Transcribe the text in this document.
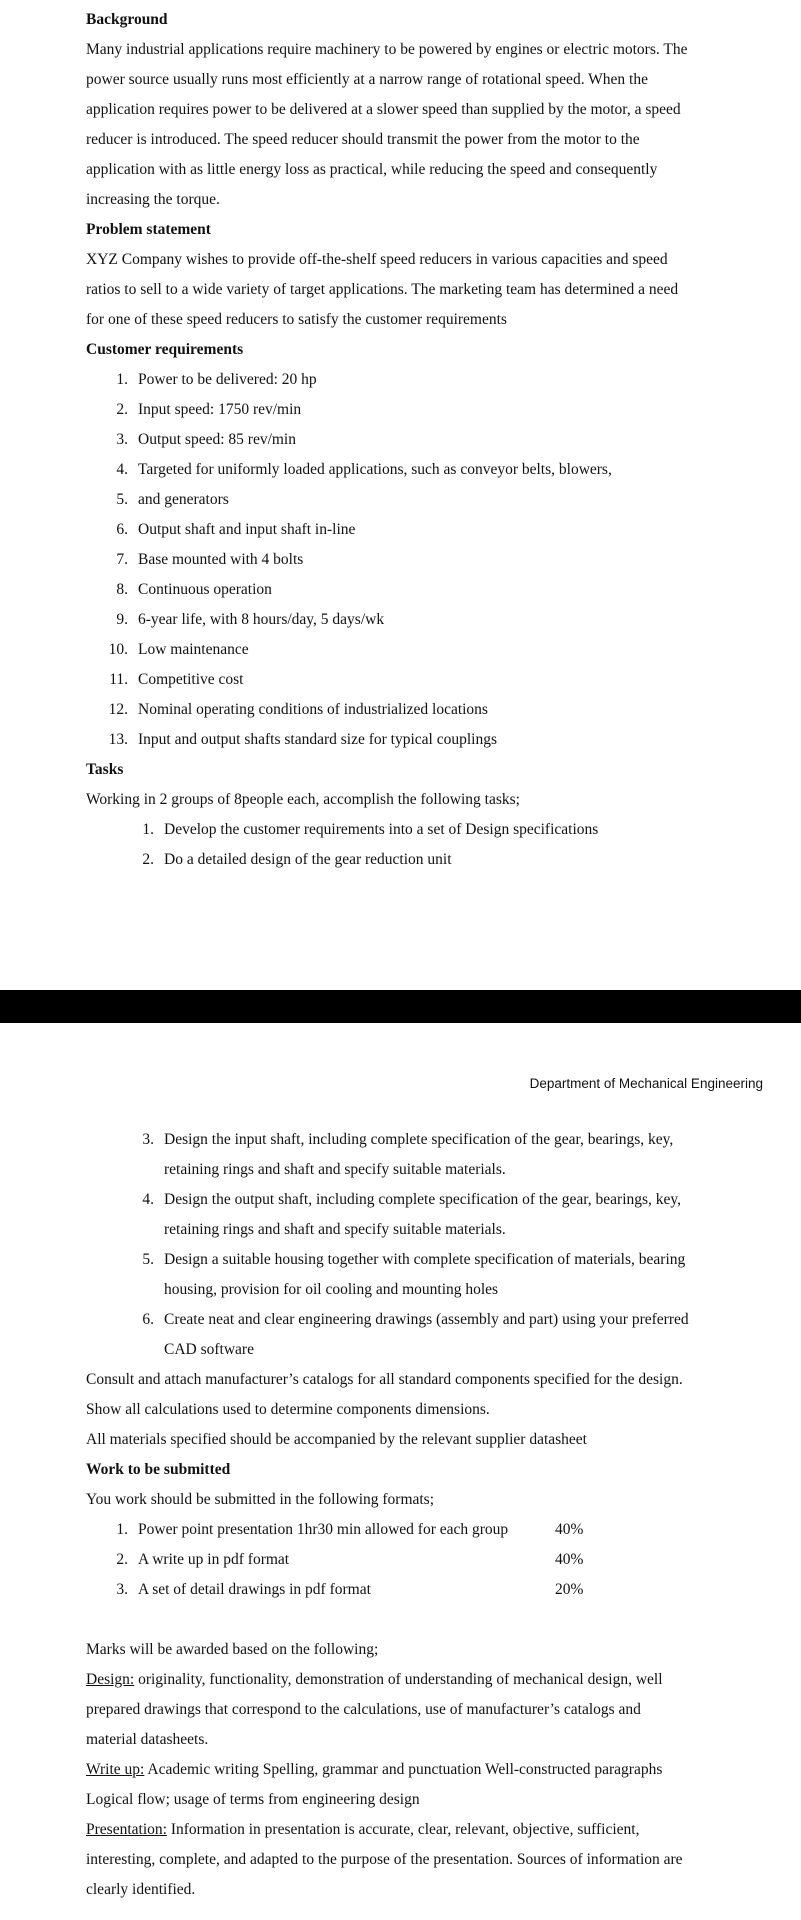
Background
Many industrial applications require machinery to be powered by engines or electric motors. The
power source usually runs most efficiently at a narrow range of rotational speed. When the
application requires power to be delivered at a slower speed than supplied by the motor, a speed
reducer is introduced. The speed reducer should transmit the power from the motor to the
application with as little energy loss as practical, while reducing the speed and consequently
increasing the torque.
Problem statement
XYZ Company wishes to provide off-the-shelf speed reducers in various capacities and speed
ratios to sell to a wide variety of target applications. The marketing team has determined a need
for one of these speed reducers to satisfy the customer requirements
Customer requirements
1. Power to be delivered: 20 hp
2. Input speed: 1750 rev/min
3. Output speed: 85 rev/min
4. Targeted for uniformly loaded applications, such as conveyor belts, blowers,
5. and generators
6. Output shaft and input shaft in-line
7. Base mounted with 4 bolts
8. Continuous operation
9. 6-year life, with 8 hours/day, 5 days/wk
10. Low maintenance
11. Competitive cost
12. Nominal operating conditions of industrialized locations
13. Input and output shafts standard size for typical couplings
Tasks
Working in 2 groups of 8people each, accomplish the following tasks;
1. Develop the customer requirements into a set of Design specifications
2. Do a detailed design of the gear reduction unit
Department of Mechanical Engineering
3. Design the input shaft, including complete specification of the gear, bearings, key,
retaining rings and shaft and specify suitable materials.
4. Design the output shaft, including complete specification of the gear, bearings, key,
retaining rings and shaft and specify suitable materials.
5. Design a suitable housing together with complete specification of materials, bearing
housing, provision for oil cooling and mounting holes
6. Create neat and clear engineering drawings (assembly and part) using your preferred
CAD software
Consult and attach manufacturer’s catalogs for all standard components specified for the design.
Show all calculations used to determine components dimensions.
All materials specified should be accompanied by the relevant supplier datasheet
Work to be submitted
You work should be submitted in the following formats;
1. Power point presentation 1hr30 min allowed for each group	40%
2. A write up in pdf format	40%
3. A set of detail drawings in pdf format	20%
Marks will be awarded based on the following;
Design: originality, functionality, demonstration of understanding of mechanical design, well
prepared drawings that correspond to the calculations, use of manufacturer’s catalogs and
material datasheets.
Write up: Academic writing Spelling, grammar and punctuation Well-constructed paragraphs
Logical flow; usage of terms from engineering design
Presentation: Information in presentation is accurate, clear, relevant, objective, sufficient,
interesting, complete, and adapted to the purpose of the presentation. Sources of information are
clearly identified.
